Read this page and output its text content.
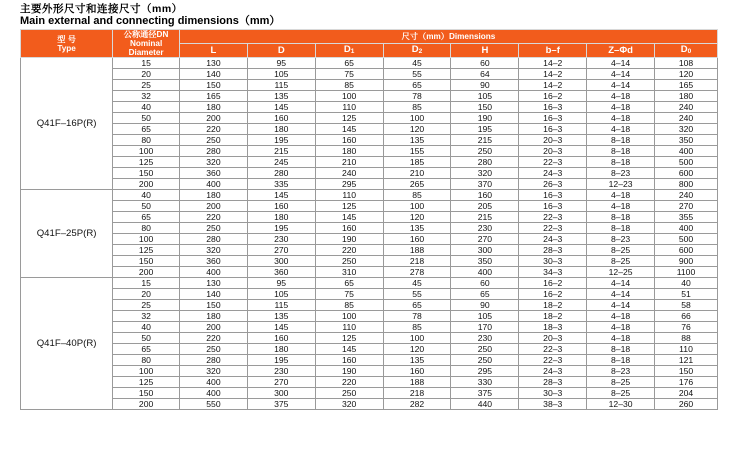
主要外形尺寸和连接尺寸（mm）
Main external and connecting dimensions（mm）
型 号
Type	公称通径DN
Nominal
Diameter	尺寸（mm）Dimensions							
		L	D	$D_1$	$D_2$	H	b–f	Z–Φd	$D_0$
Q41F–16P(R)	15	130	95	65	45	60	14–2	4–14	108
	20	140	105	75	55	64	14–2	4–14	120
	25	150	115	85	65	90	14–2	4–14	165
	32	165	135	100	78	105	16–2	4–18	180
	40	180	145	110	85	150	16–3	4–18	240
	50	200	160	125	100	190	16–3	4–18	240
	65	220	180	145	120	195	16–3	4–18	320
	80	250	195	160	135	215	20–3	8–18	350
	100	280	215	180	155	250	20–3	8–18	400
	125	320	245	210	185	280	22–3	8–18	500
	150	360	280	240	210	320	24–3	8–23	600
	200	400	335	295	265	370	26–3	12–23	800
Q41F–25P(R)	40	180	145	110	85	160	16–3	4–18	240
	50	200	160	125	100	205	16–3	4–18	270
	65	220	180	145	120	215	22–3	8–18	355
	80	250	195	160	135	230	22–3	8–18	400
	100	280	230	190	160	270	24–3	8–23	500
	125	320	270	220	188	300	28–3	8–25	600
	150	360	300	250	218	350	30–3	8–25	900
	200	400	360	310	278	400	34–3	12–25	1100
Q41F–40P(R)	15	130	95	65	45	60	16–2	4–14	40
	20	140	105	75	55	65	16–2	4–14	51
	25	150	115	85	65	90	18–2	4–14	58
	32	180	135	100	78	105	18–2	4–18	66
	40	200	145	110	85	170	18–3	4–18	76
	50	220	160	125	100	230	20–3	4–18	88
	65	250	180	145	120	250	22–3	8–18	110
	80	280	195	160	135	250	22–3	8–18	121
	100	320	230	190	160	295	24–3	8–23	150
	125	400	270	220	188	330	28–3	8–25	176
	150	400	300	250	218	375	30–3	8–25	204
	200	550	375	320	282	440	38–3	12–30	260
